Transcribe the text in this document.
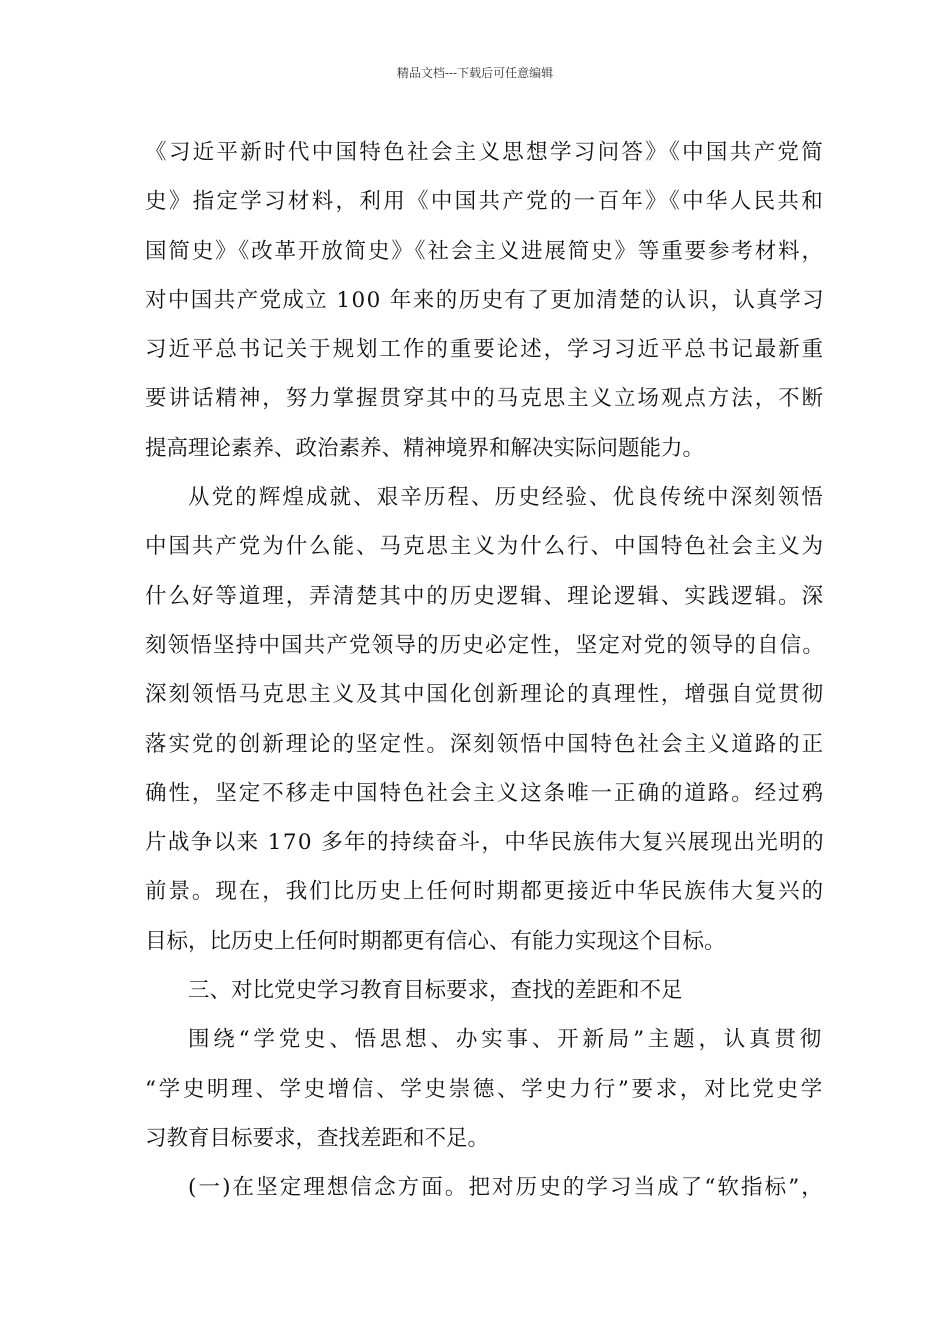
精品文档---下载后可任意编辑
《习近平新时代中国特色社会主义思想学习问答》《中国共产党简
史》指定学习材料，利用《中国共产党的一百年》《中华人民共和
国简史》《改革开放简史》《社会主义进展简史》等重要参考材料，
对中国共产党成立 100 年来的历史有了更加清楚的认识，认真学习
习近平总书记关于规划工作的重要论述，学习习近平总书记最新重
要讲话精神，努力掌握贯穿其中的马克思主义立场观点方法，不断
提高理论素养、政治素养、精神境界和解决实际问题能力。
从党的辉煌成就、艰辛历程、历史经验、优良传统中深刻领悟
中国共产党为什么能、马克思主义为什么行、中国特色社会主义为
什么好等道理，弄清楚其中的历史逻辑、理论逻辑、实践逻辑。深
刻领悟坚持中国共产党领导的历史必定性，坚定对党的领导的自信。
深刻领悟马克思主义及其中国化创新理论的真理性，增强自觉贯彻
落实党的创新理论的坚定性。深刻领悟中国特色社会主义道路的正
确性，坚定不移走中国特色社会主义这条唯一正确的道路。经过鸦
片战争以来 170 多年的持续奋斗，中华民族伟大复兴展现出光明的
前景。现在，我们比历史上任何时期都更接近中华民族伟大复兴的
目标，比历史上任何时期都更有信心、有能力实现这个目标。
三、对比党史学习教育目标要求，查找的差距和不足
围绕“学党史、悟思想、办实事、开新局”主题，认真贯彻
“学史明理、学史增信、学史崇德、学史力行”要求，对比党史学
习教育目标要求，查找差距和不足。
(一)在坚定理想信念方面。把对历史的学习当成了“软指标”，
